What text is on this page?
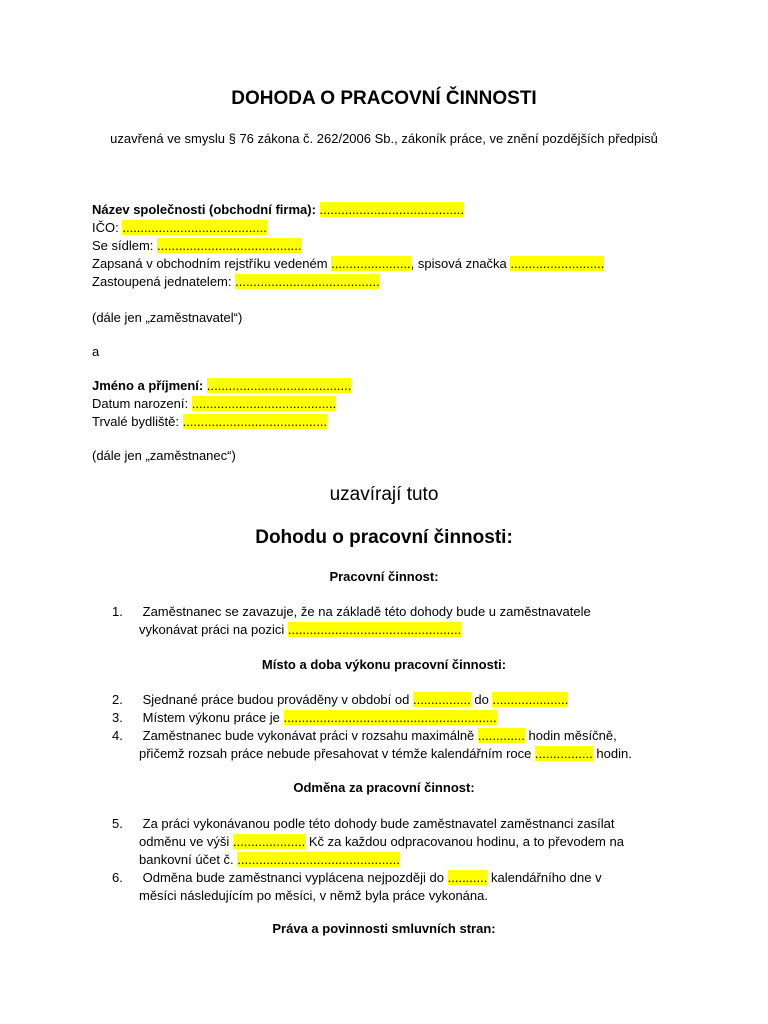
DOHODA O PRACOVNÍ ČINNOSTI
uzavřená ve smyslu § 76 zákona č. 262/2006 Sb., zákoník práce, ve znění pozdějších předpisů
Název společnosti (obchodní firma): ........................................
IČO: ........................................
Se sídlem: ........................................
Zapsaná v obchodním rejstříku vedeném ......................, spisová značka ..........................
Zastoupená jednatelem: ........................................
(dále jen „zaměstnavatel“)
a
Jméno a příjmení: ........................................
Datum narození: ........................................
Trvalé bydliště: ........................................
(dále jen „zaměstnanec“)
uzavírají tuto
Dohodu o pracovní činnosti:
Pracovní činnost:
1. Zaměstnanec se zavazuje, že na základě této dohody bude u zaměstnavatele
vykonávat práci na pozici ................................................
Místo a doba výkonu pracovní činnosti:
2. Sjednané práce budou prováděny v období od ................ do .....................
3. Místem výkonu práce je ...........................................................
4. Zaměstnanec bude vykonávat práci v rozsahu maximálně ............. hodin měsíčně,
přičemž rozsah práce nebude přesahovat v témže kalendářním roce ................ hodin.
Odměna za pracovní činnost:
5. Za práci vykonávanou podle této dohody bude zaměstnavatel zaměstnanci zasílat
odměnu ve výši .................... Kč za každou odpracovanou hodinu, a to převodem na
bankovní účet č. .............................................
6. Odměna bude zaměstnanci vyplácena nejpozději do ........... kalendářního dne v
měsíci následujícím po měsíci, v němž byla práce vykonána.
Práva a povinnosti smluvních stran:
